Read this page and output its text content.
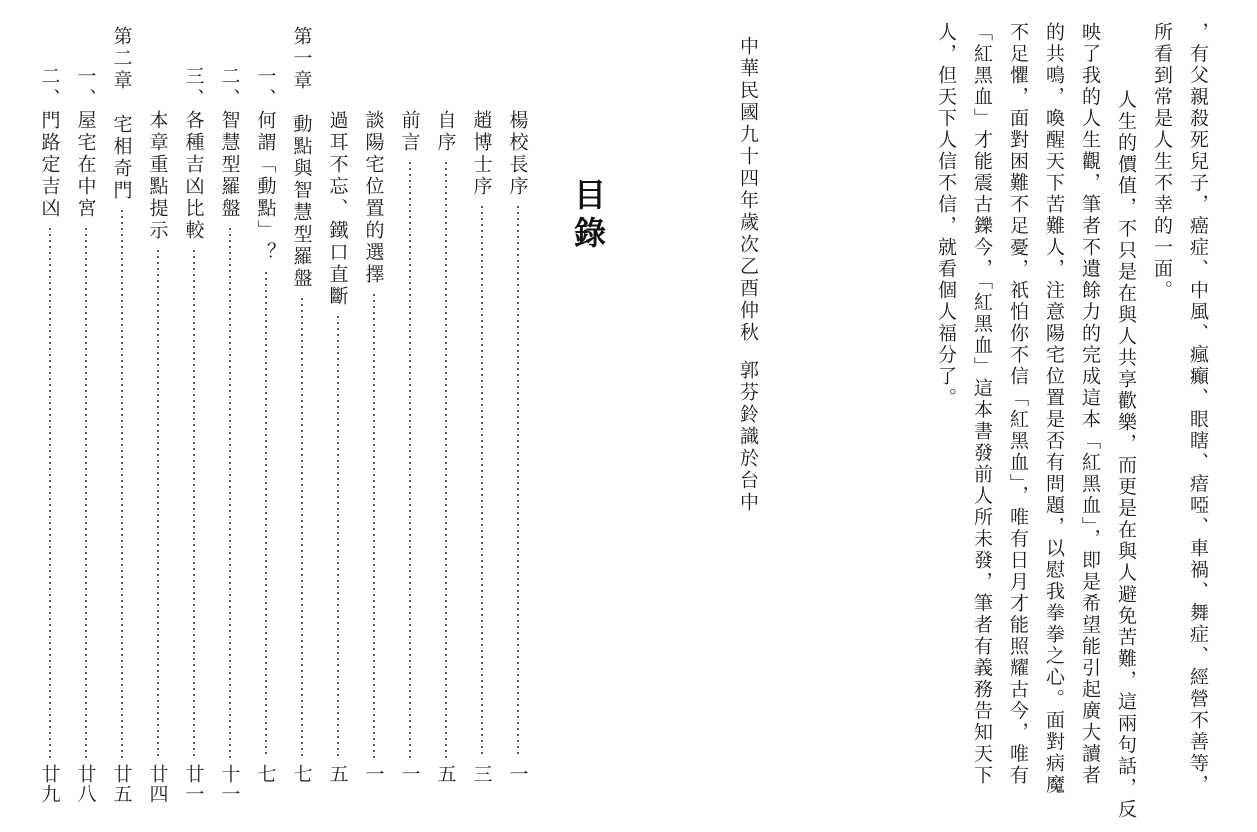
，有父親殺死兒子，癌症、中風、瘋癲、眼瞎、瘖啞、車禍、舞症、經營不善等，
所看到常是人生不幸的一面。
　人生的價值，不只是在與人共享歡樂，而更是在與人避免苦難，這兩句話，反
映了我的人生觀，筆者不遺餘力的完成這本「紅黑血」，即是希望能引起廣大讀者
的共鳴，喚醒天下苦難人，注意陽宅位置是否有問題，以慰我拳拳之心。面對病魔
不足懼，面對困難不足憂，祇怕你不信「紅黑血」，唯有日月才能照耀古今，唯有
「紅黑血」才能震古鑠今，「紅黑血」這本書發前人所未發，筆者有義務告知天下
人，但天下人信不信，就看個人福分了。
中華民國九十四年歲次乙酉仲秋
郭芬鈴識於台中
目錄
楊校長序
一
趙博士序
三
自序
五
前言
一
談陽宅位置的選擇
一
過耳不忘、鐵口直斷
五
第一章　動點與智慧型羅盤
七
一、何謂「動點」？
七
二、智慧型羅盤
十一
三、各種吉凶比較
廿一
本章重點提示
廿四
第二章　宅相奇門
廿五
一、屋宅在中宮
廿八
二、門路定吉凶
廿九
